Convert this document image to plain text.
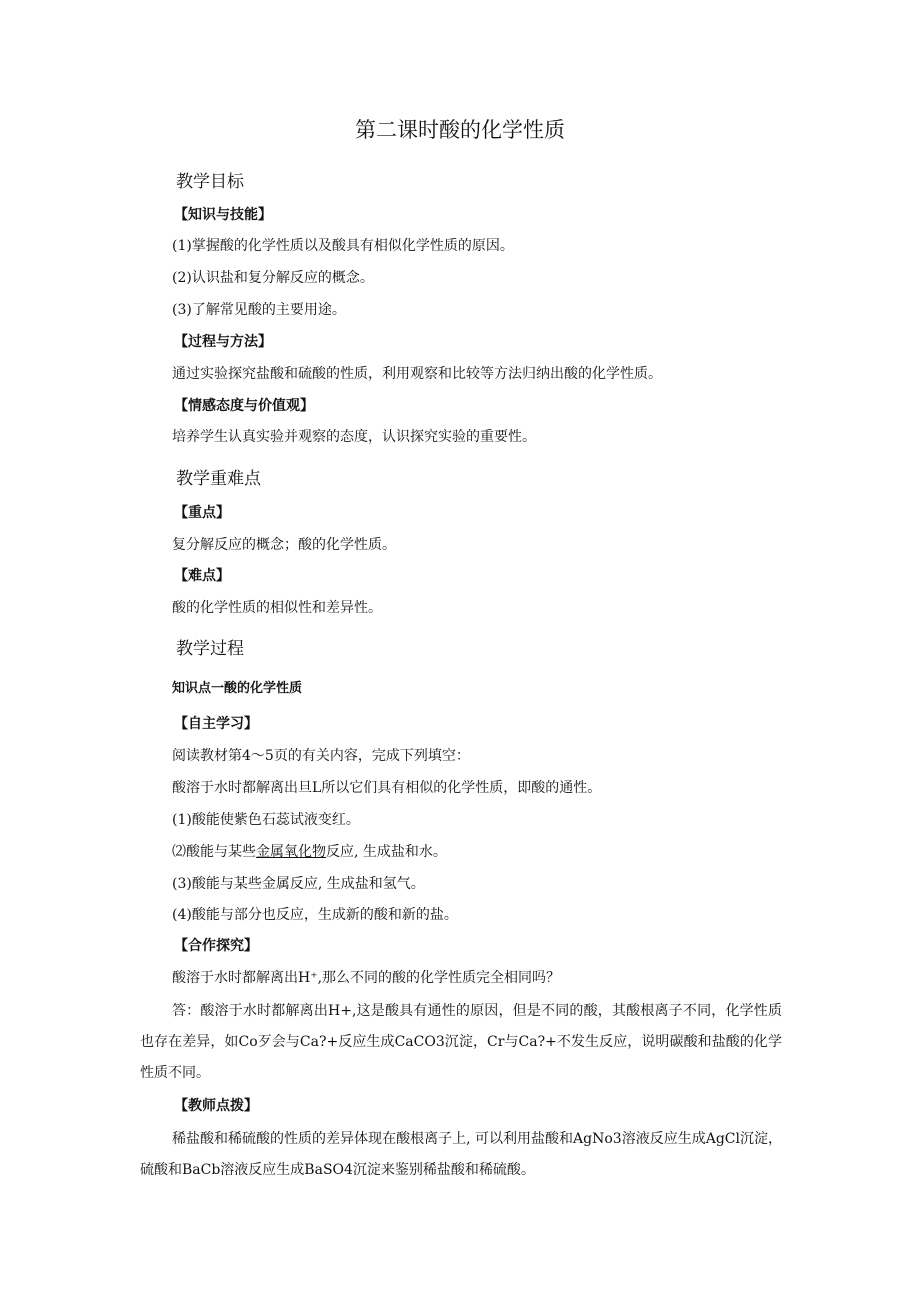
第二课时酸的化学性质
教学目标
【知识与技能】
(1)掌握酸的化学性质以及酸具有相似化学性质的原因。
(2)认识盐和复分解反应的概念。
(3)了解常见酸的主要用途。
【过程与方法】
通过实验探究盐酸和硫酸的性质，利用观察和比较等方法归纳出酸的化学性质。
【情感态度与价值观】
培养学生认真实验并观察的态度，认识探究实验的重要性。
教学重难点
【重点】
复分解反应的概念；酸的化学性质。
【难点】
酸的化学性质的相似性和差异性。
教学过程
知识点一酸的化学性质
【自主学习】
阅读教材第4～5页的有关内容，完成下列填空：
酸溶于水时都解离出旦L所以它们具有相似的化学性质，即酸的通性。
(1)酸能使紫色石蕊试液变红。
⑵酸能与某些金属氧化物反应, 生成盐和水。
(3)酸能与某些金属反应, 生成盐和氢气。
(4)酸能与部分也反应，生成新的酸和新的盐。
【合作探究】
酸溶于水时都解离出H⁺,那么不同的酸的化学性质完全相同吗？
答：酸溶于水时都解离出H+,这是酸具有通性的原因，但是不同的酸，其酸根离子不同，化学性质也存在差异，如Co歹会与Ca?+反应生成CaCO3沉淀，Cr与Ca?+不发生反应，说明碳酸和盐酸的化学性质不同。
【教师点拨】
稀盐酸和稀硫酸的性质的差异体现在酸根离子上, 可以利用盐酸和AgNo3溶液反应生成AgCl沉淀，硫酸和BaCb溶液反应生成BaSO4沉淀来鉴别稀盐酸和稀硫酸。
